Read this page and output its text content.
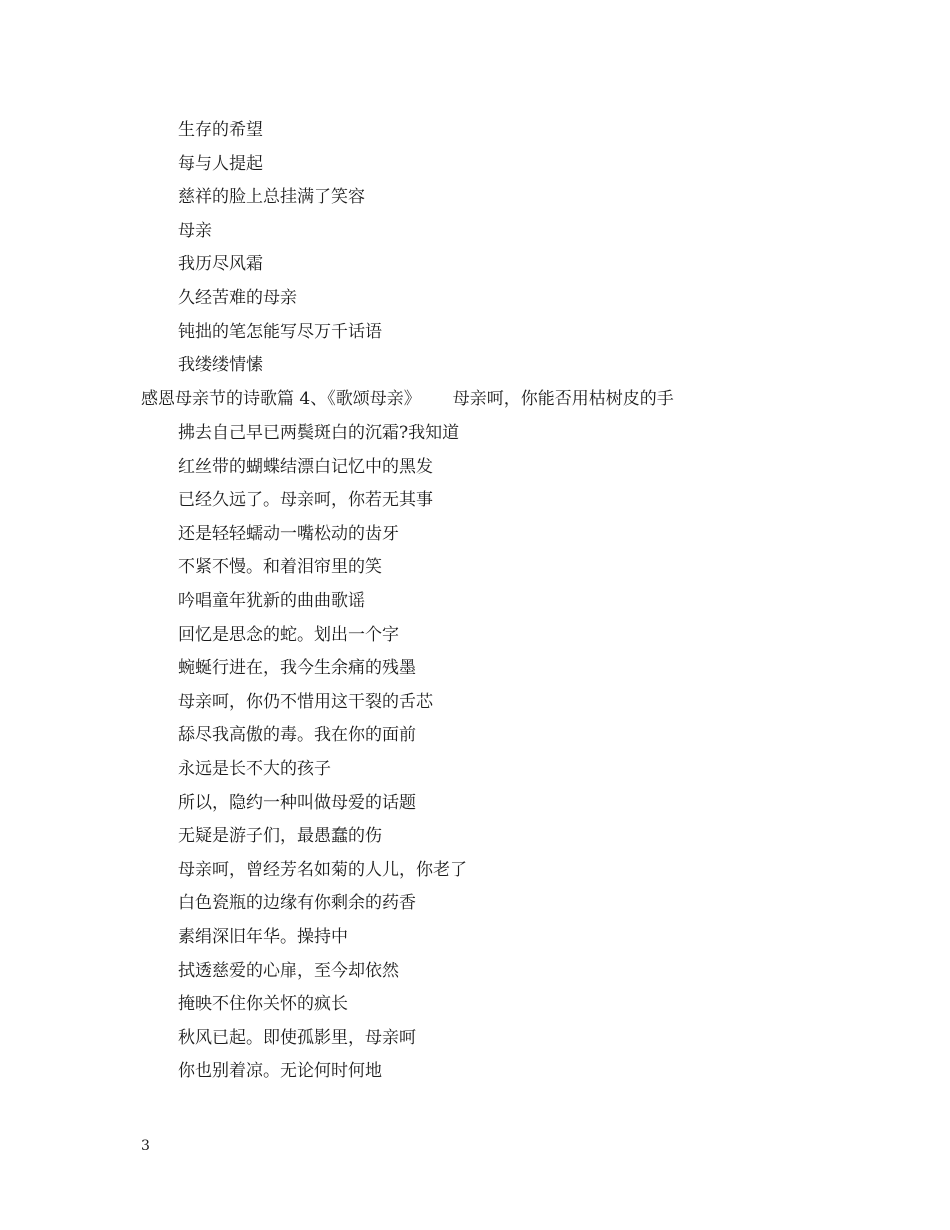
生存的希望
每与人提起
慈祥的脸上总挂满了笑容
母亲
我历尽风霜
久经苦难的母亲
钝拙的笔怎能写尽万千话语
我缕缕情愫
感恩母亲节的诗歌篇 4、《歌颂母亲》 母亲呵，你能否用枯树皮的手
拂去自己早已两鬓斑白的沉霜?我知道
红丝带的蝴蝶结漂白记忆中的黑发
已经久远了。母亲呵，你若无其事
还是轻轻蠕动一嘴松动的齿牙
不紧不慢。和着泪帘里的笑
吟唱童年犹新的曲曲歌谣
回忆是思念的蛇。划出一个字
蜿蜒行进在，我今生余痛的残墨
母亲呵，你仍不惜用这干裂的舌芯
舔尽我高傲的毒。我在你的面前
永远是长不大的孩子
所以，隐约一种叫做母爱的话题
无疑是游子们，最愚蠢的伤
母亲呵，曾经芳名如菊的人儿，你老了
白色瓷瓶的边缘有你剩余的药香
素绢深旧年华。操持中
拭透慈爱的心扉，至今却依然
掩映不住你关怀的疯长
秋风已起。即使孤影里，母亲呵
你也别着凉。无论何时何地
3
